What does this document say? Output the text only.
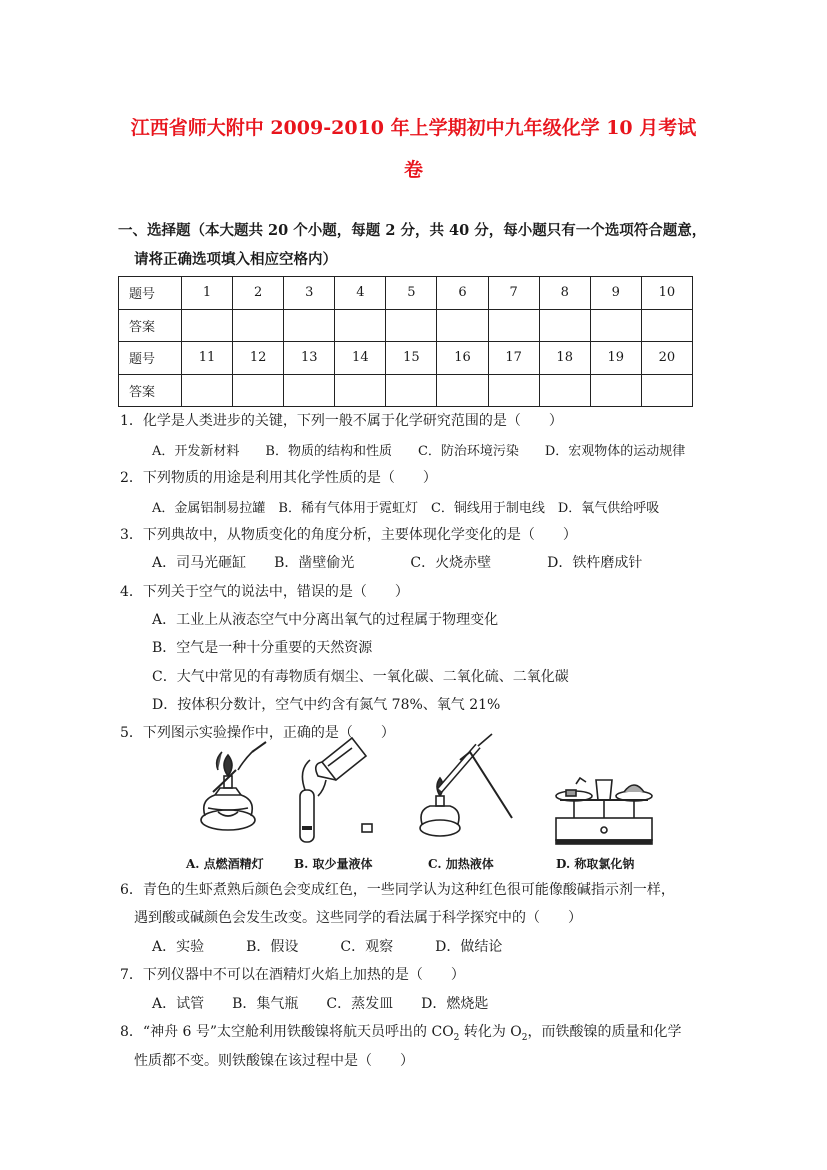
江西省师大附中 2009-2010 年上学期初中九年级化学 10 月考试
卷
一、选择题（本大题共 20 个小题，每题 2 分，共 40 分，每小题只有一个选项符合题意，
请将正确选项填入相应空格内）
题号	1	2	3	4	5	6	7	8	9	10
答案										
题号	11	12	13	14	15	16	17	18	19	20
答案										
1．化学是人类进步的关键，下列一般不属于化学研究范围的是（　　）
A．开发新材料　　B．物质的结构和性质　　C．防治环境污染　　D．宏观物体的运动规律
2．下列物质的用途是利用其化学性质的是（　　）
A．金属铝制易拉罐　B．稀有气体用于霓虹灯　C．铜线用于制电线　D．氧气供给呼吸
3．下列典故中，从物质变化的角度分析，主要体现化学变化的是（　　）
A．司马光砸缸　　B．凿壁偷光　　　　C．火烧赤壁　　　　D．铁杵磨成针
4．下列关于空气的说法中，错误的是（　　）
A．工业上从液态空气中分离出氧气的过程属于物理变化
B．空气是一种十分重要的天然资源
C．大气中常见的有毒物质有烟尘、一氧化碳、二氧化硫、二氧化碳
D．按体积分数计，空气中约含有氮气 78%、氧气 21%
5．下列图示实验操作中，正确的是（　　）
A. 点燃酒精灯	B. 取少量液体	C. 加热液体	D. 称取氯化钠
6．青色的生虾煮熟后颜色会变成红色，一些同学认为这种红色很可能像酸碱指示剂一样，
遇到酸或碱颜色会发生改变。这些同学的看法属于科学探究中的（　　）
A．实验　　　B．假设　　　C．观察　　　D．做结论
7．下列仪器中不可以在酒精灯火焰上加热的是（　　）
A．试管　　B．集气瓶　　C．蒸发皿　　D．燃烧匙
8．“神舟 6 号”太空舱利用铁酸镍将航天员呼出的 $CO_2$ 转化为 $O_2$，而铁酸镍的质量和化学
性质都不变。则铁酸镍在该过程中是（　　）
